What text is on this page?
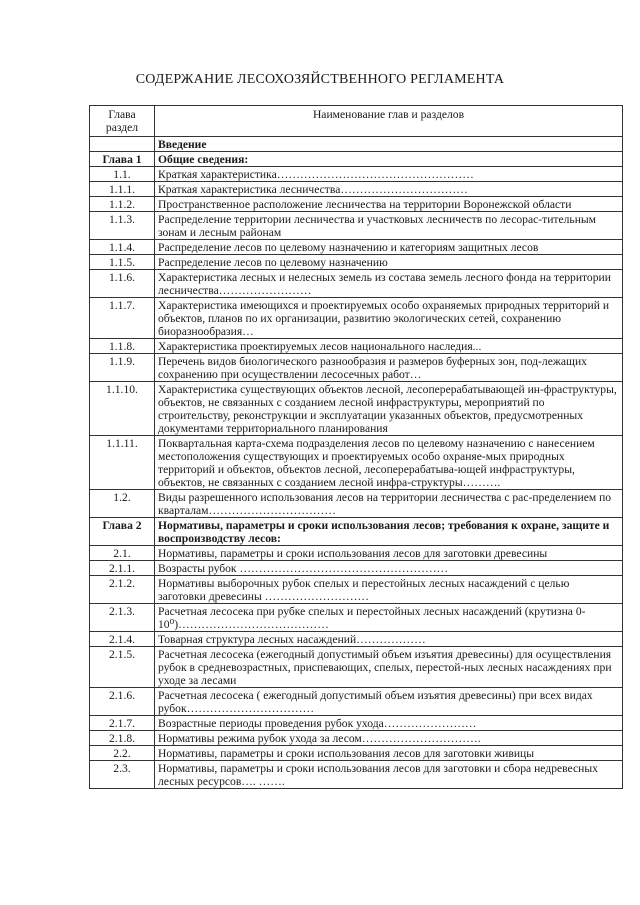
СОДЕРЖАНИЕ ЛЕСОХОЗЯЙСТВЕННОГО РЕГЛАМЕНТА
Глава
раздел	Наименование глав и разделов
	Введение
Глава 1	Общие сведения:
1.1.	Краткая характеристика……………………………………………
1.1.1.	Краткая характеристика лесничества……………………………
1.1.2.	Пространственное расположение лесничества на территории Воронежской области
1.1.3.	Распределение территории лесничества и участковых лесничеств по лесорас-тительным зонам и лесным районам
1.1.4.	Распределение лесов по целевому назначению и категориям защитных лесов
1.1.5.	Распределение лесов по целевому назначению
1.1.6.	Характеристика лесных и нелесных земель из состава земель лесного фонда на территории лесничества……………………
1.1.7.	Характеристика имеющихся и проектируемых особо охраняемых природных территорий и объектов, планов по их организации, развитию экологических сетей, сохранению биоразнообразия…
1.1.8.	Характеристика проектируемых лесов национального наследия...
1.1.9.	Перечень видов биологического разнообразия и размеров буферных зон, под-лежащих сохранению при осуществлении лесосечных работ…
1.1.10.	Характеристика существующих объектов лесной, лесоперерабатывающей ин-фраструктуры, объектов, не связанных с созданием лесной инфраструктуры, мероприятий по строительству, реконструкции и эксплуатации указанных объектов, предусмотренных документами территориального планирования
1.1.11.	Поквартальная карта-схема подразделения лесов по целевому назначению с нанесением местоположения существующих и проектируемых особо охраняе-мых природных территорий и объектов, объектов лесной, лесоперерабатыва-ющей инфраструктуры, объектов, не связанных с созданием лесной инфра-структуры……….
1.2.	Виды разрешенного использования лесов на территории лесничества с рас-пределением по кварталам……………………………
Глава 2	Нормативы, параметры и сроки использования лесов; требования к охране, защите и воспроизводству лесов:
2.1.	Нормативы, параметры и сроки использования лесов для заготовки древесины
2.1.1.	Возрасты рубок ………………………………………………
2.1.2.	Нормативы выборочных рубок спелых и перестойных лесных насаждений с целью заготовки древесины ………………………
2.1.3.	Расчетная лесосека при рубке спелых и перестойных лесных насаждений (крутизна 0-10⁰)…………………………………
2.1.4.	Товарная структура лесных насаждений………………
2.1.5.	Расчетная лесосека (ежегодный допустимый объем изъятия древесины) для осуществления рубок в средневозрастных, приспевающих, спелых, перестой-ных лесных насаждениях при уходе за лесами
2.1.6.	Расчетная лесосека ( ежегодный допустимый объем изъятия древесины) при всех видах рубок……………………………
2.1.7.	Возрастные периоды проведения рубок ухода……………………
2.1.8.	Нормативы режима рубок ухода за лесом………………………….
2.2.	Нормативы, параметры и сроки использования лесов для заготовки живицы
2.3.	Нормативы, параметры и сроки использования лесов для заготовки и сбора недревесных лесных ресурсов…. …….
